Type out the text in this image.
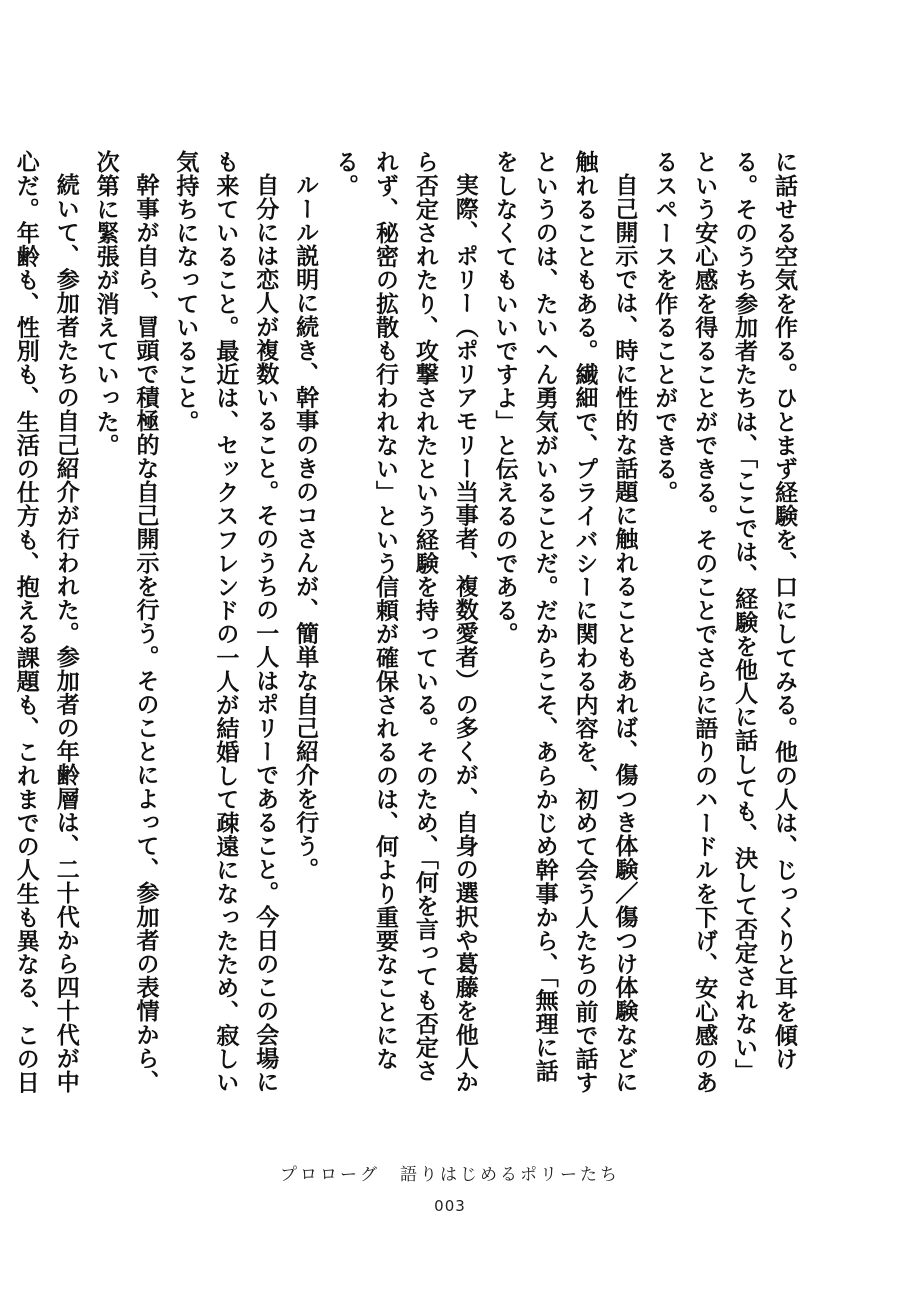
に話せる空気を作る。ひとまず経験を、口にしてみる。他の人は、じっくりと耳を傾ける。そのうち参加者たちは、「ここでは、経験を他人に話しても、決して否定されない」という安心感を得ることができる。そのことでさらに語りのハードルを下げ、安心感のあるスペースを作ることができる。

自己開示では、時に性的な話題に触れることもあれば、傷つき体験／傷つけ体験などに触れることもある。繊細で、プライバシーに関わる内容を、初めて会う人たちの前で話すというのは、たいへん勇気がいることだ。だからこそ、あらかじめ幹事から、「無理に話をしなくてもいいですよ」と伝えるのである。

実際、ポリー（ポリアモリー当事者、複数愛者）の多くが、自身の選択や葛藤を他人から否定されたり、攻撃されたという経験を持っている。そのため、「何を言っても否定されず、秘密の拡散も行われない」という信頼が確保されるのは、何より重要なことになる。

ルール説明に続き、幹事のきのコさんが、簡単な自己紹介を行う。

自分には恋人が複数いること。そのうちの一人はポリーであること。今日のこの会場にも来ていること。最近は、セックスフレンドの一人が結婚して疎遠になったため、寂しい気持ちになっていること。

幹事が自ら、冒頭で積極的な自己開示を行う。そのことによって、参加者の表情から、次第に緊張が消えていった。

続いて、参加者たちの自己紹介が行われた。参加者の年齢層は、二十代から四十代が中心だ。年齢も、性別も、生活の仕方も、抱える課題も、これまでの人生も異なる、この日

プロローグ　語りはじめるポリーたち
003
